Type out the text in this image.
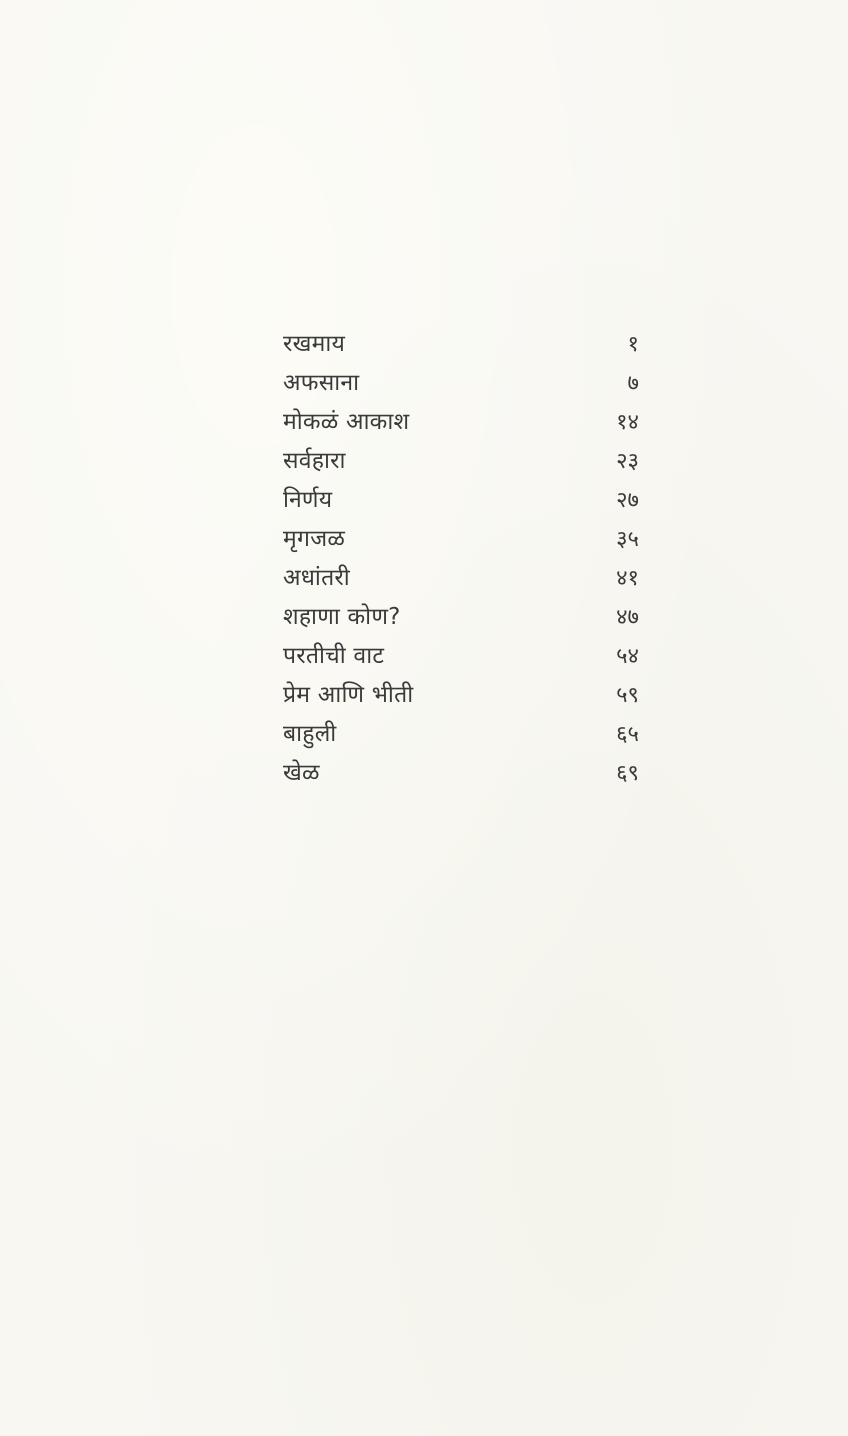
रखमाय	१
अफसाना	७
मोकळं आकाश	१४
सर्वहारा	२३
निर्णय	२७
मृगजळ	३५
अधांतरी	४१
शहाणा कोण?	४७
परतीची वाट	५४
प्रेम आणि भीती	५९
बाहुली	६५
खेळ	६९
